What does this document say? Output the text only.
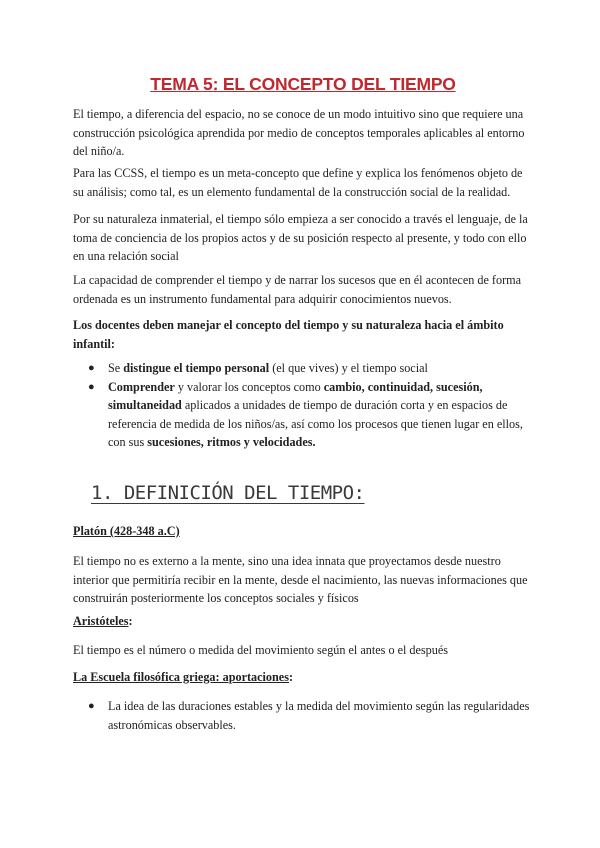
TEMA 5: EL CONCEPTO DEL TIEMPO

El tiempo, a diferencia del espacio, no se conoce de un modo intuitivo sino que requiere una construcción psicológica aprendida por medio de conceptos temporales aplicables al entorno del niño/a.

Para las CCSS, el tiempo es un meta-concepto que define y explica los fenómenos objeto de su análisis; como tal, es un elemento fundamental de la construcción social de la realidad.

Por su naturaleza inmaterial, el tiempo sólo empieza a ser conocido a través el lenguaje, de la toma de conciencia de los propios actos y de su posición respecto al presente, y todo con ello en una relación social

La capacidad de comprender el tiempo y de narrar los sucesos que en él acontecen de forma ordenada es un instrumento fundamental para adquirir conocimientos nuevos.

Los docentes deben manejar el concepto del tiempo y su naturaleza hacia el ámbito infantil:

● Se distingue el tiempo personal (el que vives) y el tiempo social
● Comprender y valorar los conceptos como cambio, continuidad, sucesión, simultaneidad aplicados a unidades de tiempo de duración corta y en espacios de referencia de medida de los niños/as, así como los procesos que tienen lugar en ellos, con sus sucesiones, ritmos y velocidades.
1. DEFINICIÓN DEL TIEMPO:

Platón (428-348 a.C)

El tiempo no es externo a la mente, sino una idea innata que proyectamos desde nuestro interior que permitiría recibir en la mente, desde el nacimiento, las nuevas informaciones que construirán posteriormente los conceptos sociales y físicos

Aristóteles:

El tiempo es el número o medida del movimiento según el antes o el después

La Escuela filosófica griega: aportaciones:

● La idea de las duraciones estables y la medida del movimiento según las regularidades astronómicas observables.
